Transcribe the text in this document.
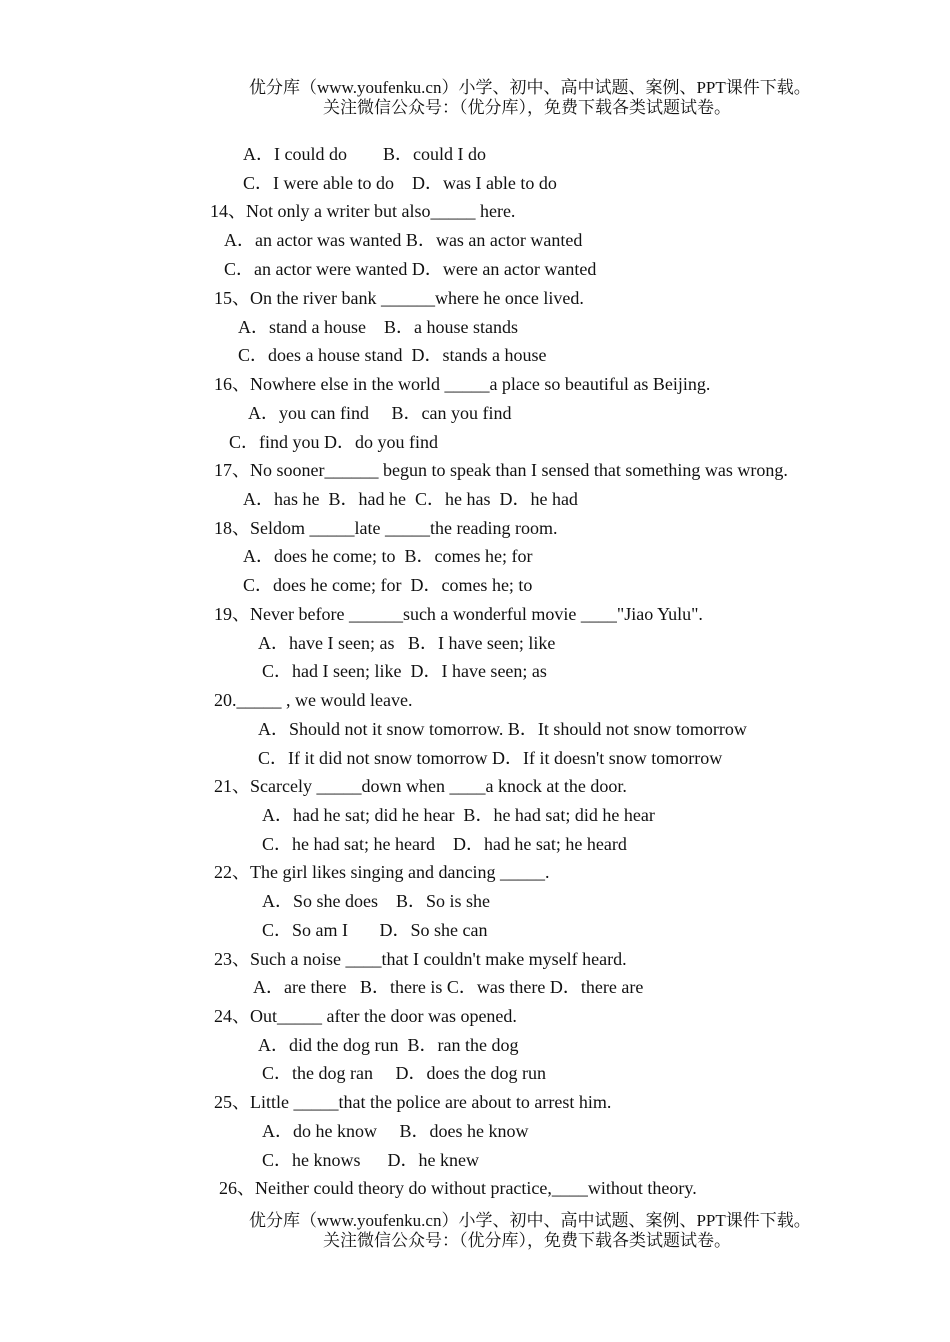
优分库（www.youfenku.cn）小学、初中、高中试题、案例、PPT课件下载。
关注微信公众号：（优分库），免费下载各类试题试卷。
A．I could do        B．could I do
C．I were able to do    D．was I able to do
14、Not only a writer but also_____ here.
A．an actor was wanted B．was an actor wanted
C．an actor were wanted D．were an actor wanted
15、On the river bank ______where he once lived.
A．stand a house    B．a house stands
C．does a house stand  D．stands a house
16、Nowhere else in the world _____a place so beautiful as Beijing.
A．you can find     B．can you find
C．find you D．do you find
17、No sooner______ begun to speak than I sensed that something was wrong.
A．has he  B．had he  C．he has  D．he had
18、Seldom _____late _____the reading room.
A．does he come; to  B．comes he; for
C．does he come; for  D．comes he; to
19、Never before ______such a wonderful movie ____"Jiao Yulu".
A．have I seen; as   B．I have seen; like
C．had I seen; like  D．I have seen; as
20._____ , we would leave.
A．Should not it snow tomorrow. B．It should not snow tomorrow
C．If it did not snow tomorrow D．If it doesn't snow tomorrow
21、Scarcely _____down when ____a knock at the door.
A．had he sat; did he hear  B．he had sat; did he hear
C．he had sat; he heard    D．had he sat; he heard
22、The girl likes singing and dancing _____.
A．So she does    B．So is she
C．So am I       D．So she can
23、Such a noise ____that I couldn't make myself heard.
A．are there   B．there is C．was there D．there are
24、Out_____ after the door was opened.
A．did the dog run  B．ran the dog
C．the dog ran     D．does the dog run
25、Little _____that the police are about to arrest him.
A．do he know     B．does he know
C．he knows      D．he knew
26、Neither could theory do without practice,____without theory.
优分库（www.youfenku.cn）小学、初中、高中试题、案例、PPT课件下载。
关注微信公众号：（优分库），免费下载各类试题试卷。
